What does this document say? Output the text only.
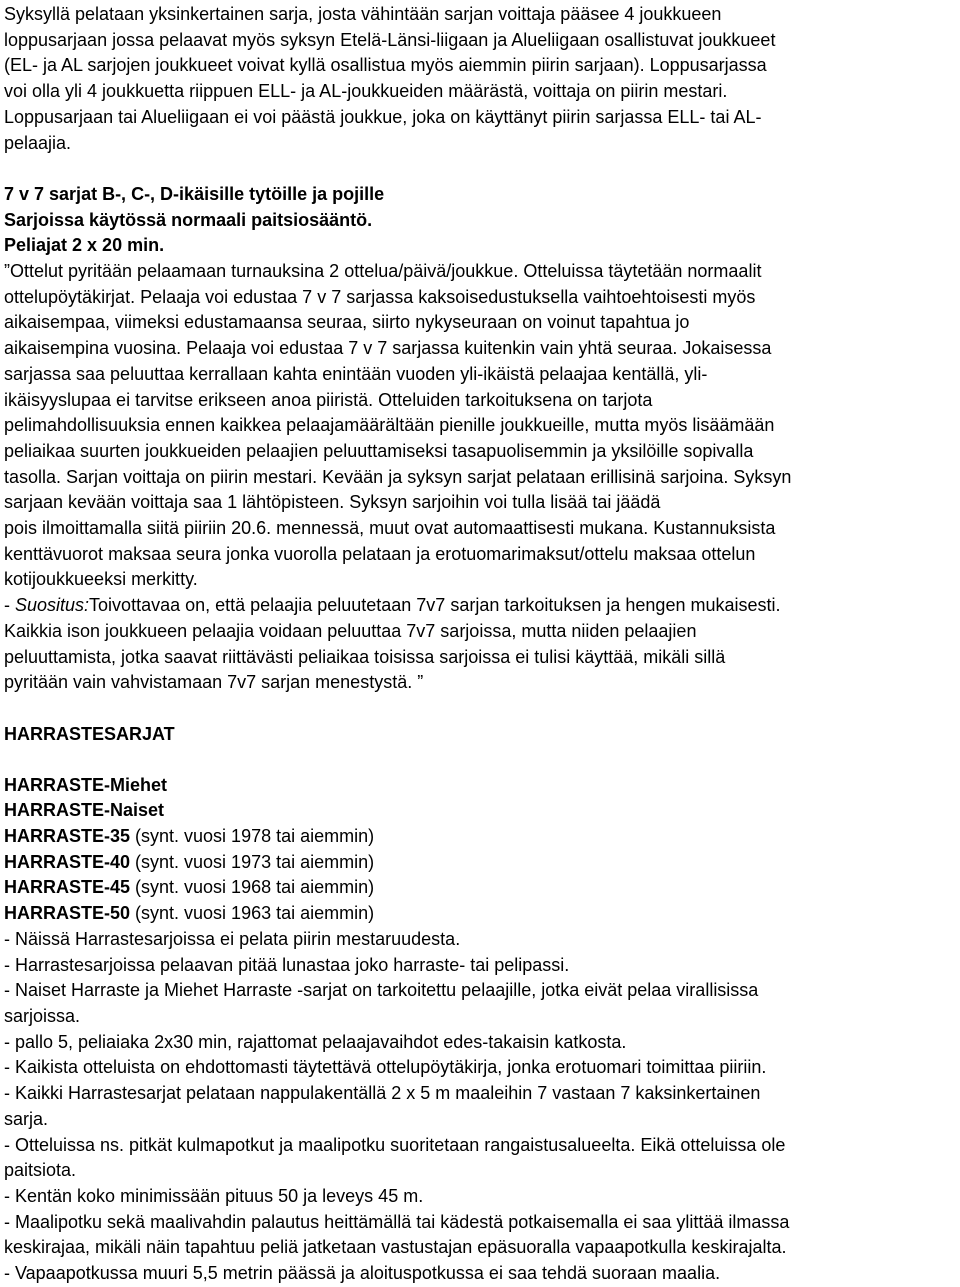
Syksyllä pelataan yksinkertainen sarja, josta vähintään sarjan voittaja pääsee 4 joukkueen
loppusarjaan jossa pelaavat myös syksyn Etelä-Länsi-liigaan ja Alueliigaan osallistuvat joukkueet
(EL- ja AL sarjojen joukkueet voivat kyllä osallistua myös aiemmin piirin sarjaan). Loppusarjassa
voi olla yli 4 joukkuetta riippuen ELL- ja AL-joukkueiden määrästä, voittaja on piirin mestari.
Loppusarjaan tai Alueliigaan ei voi päästä joukkue, joka on käyttänyt piirin sarjassa ELL- tai AL-
pelaajia.

7 v 7 sarjat B-, C-, D-ikäisille tytöille ja pojille
Sarjoissa käytössä normaali paitsiosääntö.
Peliajat 2 x 20 min.
”Ottelut pyritään pelaamaan turnauksina 2 ottelua/päivä/joukkue. Otteluissa täytetään normaalit
ottelupöytäkirjat. Pelaaja voi edustaa 7 v 7 sarjassa kaksoisedustuksella vaihtoehtoisesti myös
aikaisempaa, viimeksi edustamaansa seuraa, siirto nykyseuraan on voinut tapahtua jo
aikaisempina vuosina. Pelaaja voi edustaa 7 v 7 sarjassa kuitenkin vain yhtä seuraa. Jokaisessa
sarjassa saa peluuttaa kerrallaan kahta enintään vuoden yli-ikäistä pelaajaa kentällä, yli-
ikäisyyslupaa ei tarvitse erikseen anoa piiristä. Otteluiden tarkoituksena on tarjota
pelimahdollisuuksia ennen kaikkea pelaajamäärältään pienille joukkueille, mutta myös lisäämään
peliaikaa suurten joukkueiden pelaajien peluuttamiseksi tasapuolisemmin ja yksilöille sopivalla
tasolla. Sarjan voittaja on piirin mestari. Kevään ja syksyn sarjat pelataan erillisinä sarjoina. Syksyn
sarjaan kevään voittaja saa 1 lähtöpisteen. Syksyn sarjoihin voi tulla lisää tai jäädä
pois ilmoittamalla siitä piiriin 20.6. mennessä, muut ovat automaattisesti mukana. Kustannuksista
kenttävuorot maksaa seura jonka vuorolla pelataan ja erotuomarimaksut/ottelu maksaa ottelun
kotijoukkueeksi merkitty.
- Suositus:Toivottavaa on, että pelaajia peluutetaan 7v7 sarjan tarkoituksen ja hengen mukaisesti.
Kaikkia ison joukkueen pelaajia voidaan peluuttaa 7v7 sarjoissa, mutta niiden pelaajien
peluuttamista, jotka saavat riittävästi peliaikaa toisissa sarjoissa ei tulisi käyttää, mikäli sillä
pyritään vain vahvistamaan 7v7 sarjan menestystä. ”

HARRASTESARJAT

HARRASTE-Miehet
HARRASTE-Naiset
HARRASTE-35 (synt. vuosi 1978 tai aiemmin)
HARRASTE-40 (synt. vuosi 1973 tai aiemmin)
HARRASTE-45 (synt. vuosi 1968 tai aiemmin)
HARRASTE-50 (synt. vuosi 1963 tai aiemmin)
- Näissä Harrastesarjoissa ei pelata piirin mestaruudesta.
- Harrastesarjoissa pelaavan pitää lunastaa joko harraste- tai pelipassi.
- Naiset Harraste ja Miehet Harraste -sarjat on tarkoitettu pelaajille, jotka eivät pelaa virallisissa
sarjoissa.
- pallo 5, peliaiaka 2x30 min, rajattomat pelaajavaihdot edes-takaisin katkosta.
- Kaikista otteluista on ehdottomasti täytettävä ottelupöytäkirja, jonka erotuomari toimittaa piiriin.
- Kaikki Harrastesarjat pelataan nappulakentällä 2 x 5 m maaleihin 7 vastaan 7 kaksinkertainen
sarja.
- Otteluissa ns. pitkät kulmapotkut ja maalipotku suoritetaan rangaistusalueelta. Eikä otteluissa ole
paitsiota.
- Kentän koko minimissään pituus 50 ja leveys 45 m.
- Maalipotku sekä maalivahdin palautus heittämällä tai kädestä potkaisemalla ei saa ylittää ilmassa
keskirajaa, mikäli näin tapahtuu peliä jatketaan vastustajan epäsuoralla vapaapotkulla keskirajalta.
- Vapaapotkussa muuri 5,5 metrin päässä ja aloituspotkussa ei saa tehdä suoraan maalia.
